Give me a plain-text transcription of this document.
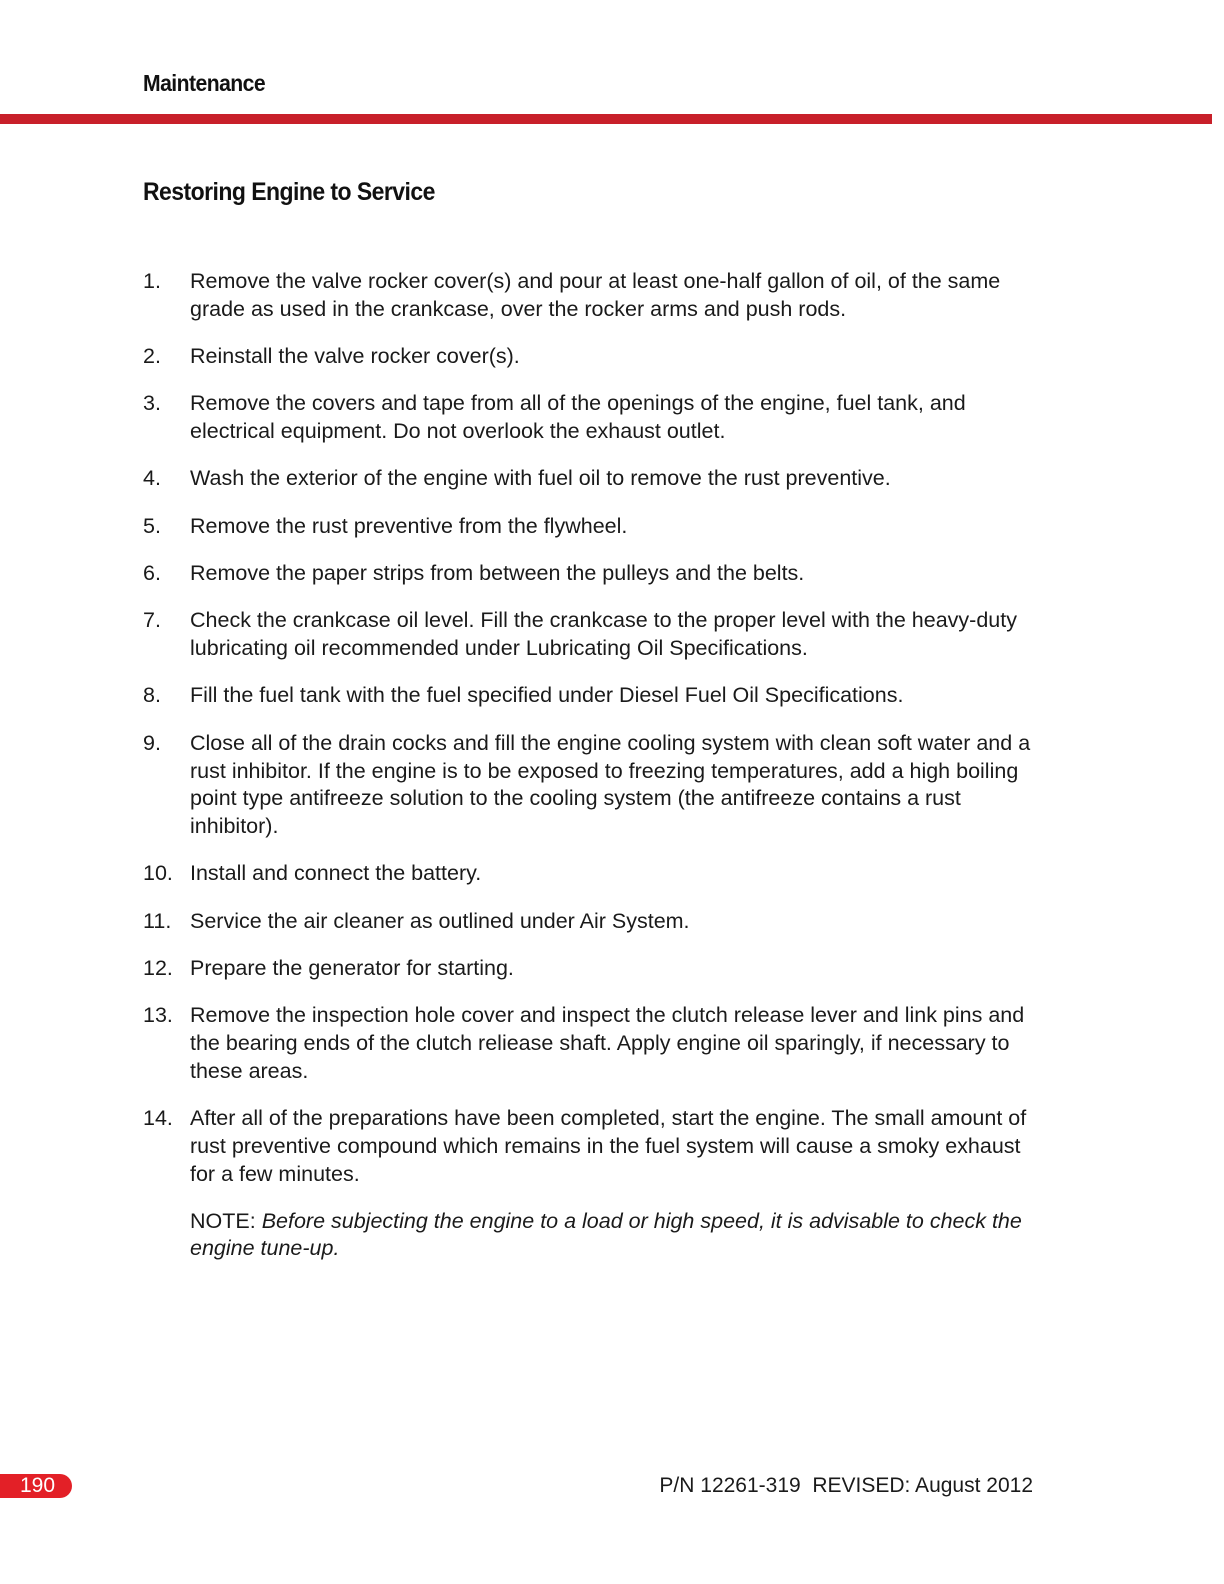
Maintenance
Restoring Engine to Service
1. Remove the valve rocker cover(s) and pour at least one-half gallon of oil, of the same grade as used in the crankcase, over the rocker arms and push rods.
2. Reinstall the valve rocker cover(s).
3. Remove the covers and tape from all of the openings of the engine, fuel tank, and electrical equipment. Do not overlook the exhaust outlet.
4. Wash the exterior of the engine with fuel oil to remove the rust preventive.
5. Remove the rust preventive from the flywheel.
6. Remove the paper strips from between the pulleys and the belts.
7. Check the crankcase oil level. Fill the crankcase to the proper level with the heavy-duty lubricating oil recommended under Lubricating Oil Specifications.
8. Fill the fuel tank with the fuel specified under Diesel Fuel Oil Specifications.
9. Close all of the drain cocks and fill the engine cooling system with clean soft water and a rust inhibitor. If the engine is to be exposed to freezing temperatures, add a high boiling point type antifreeze solution to the cooling system (the antifreeze contains a rust inhibitor).
10. Install and connect the battery.
11. Service the air cleaner as outlined under Air System.
12. Prepare the generator for starting.
13. Remove the inspection hole cover and inspect the clutch release lever and link pins and the bearing ends of the clutch reliease shaft. Apply engine oil sparingly, if necessary to these areas.
14. After all of the preparations have been completed, start the engine. The small amount of rust preventive compound which remains in the fuel system will cause a smoky exhaust for a few minutes.
NOTE: Before subjecting the engine to a load or high speed, it is advisable to check the engine tune-up.
190	P/N 12261-319  REVISED: August 2012
